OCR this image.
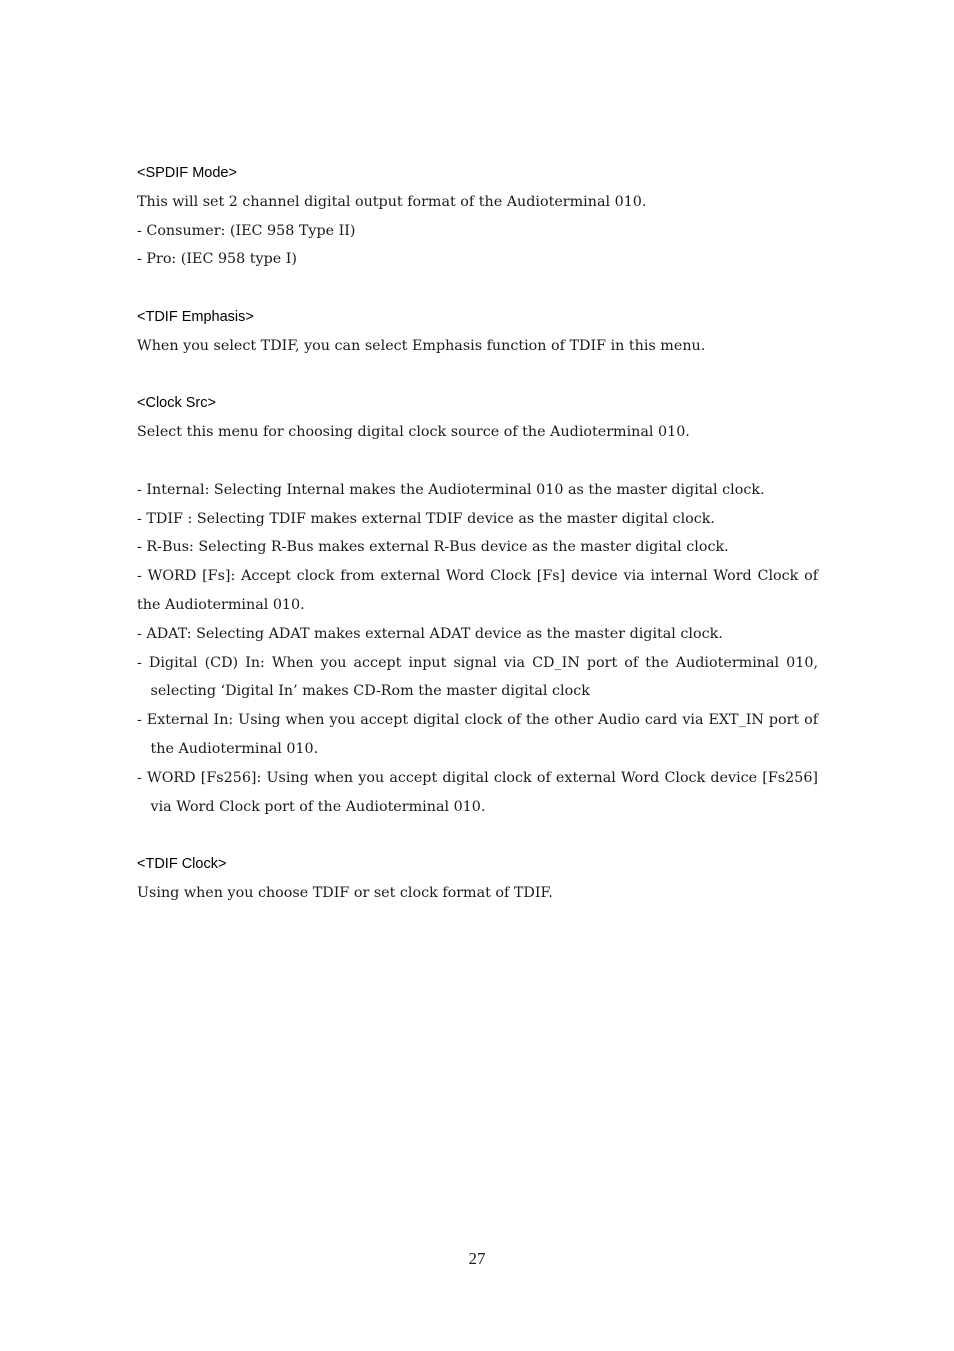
<SPDIF Mode>
This will set 2 channel digital output format of the Audioterminal 010.
- Consumer: (IEC 958 Type II)
- Pro: (IEC 958 type I)
<TDIF Emphasis>
When you select TDIF, you can select Emphasis function of TDIF in this menu.
<Clock Src>
Select this menu for choosing digital clock source of the Audioterminal 010.
- Internal: Selecting Internal makes the Audioterminal 010 as the master digital clock.
- TDIF : Selecting TDIF makes external TDIF device as the master digital clock.
- R-Bus: Selecting R-Bus makes external R-Bus device as the master digital clock.
- WORD [Fs]: Accept clock from external Word Clock [Fs] device via internal Word Clock of the Audioterminal 010.
- ADAT: Selecting ADAT makes external ADAT device as the master digital clock.
- Digital (CD) In: When you accept input signal via CD_IN port of the Audioterminal 010, selecting ‘Digital In’ makes CD-Rom the master digital clock
- External In: Using when you accept digital clock of the other Audio card via EXT_IN port of the Audioterminal 010.
- WORD [Fs256]: Using when you accept digital clock of external Word Clock device [Fs256] via Word Clock port of the Audioterminal 010.
<TDIF Clock>
Using when you choose TDIF or set clock format of TDIF.
27
